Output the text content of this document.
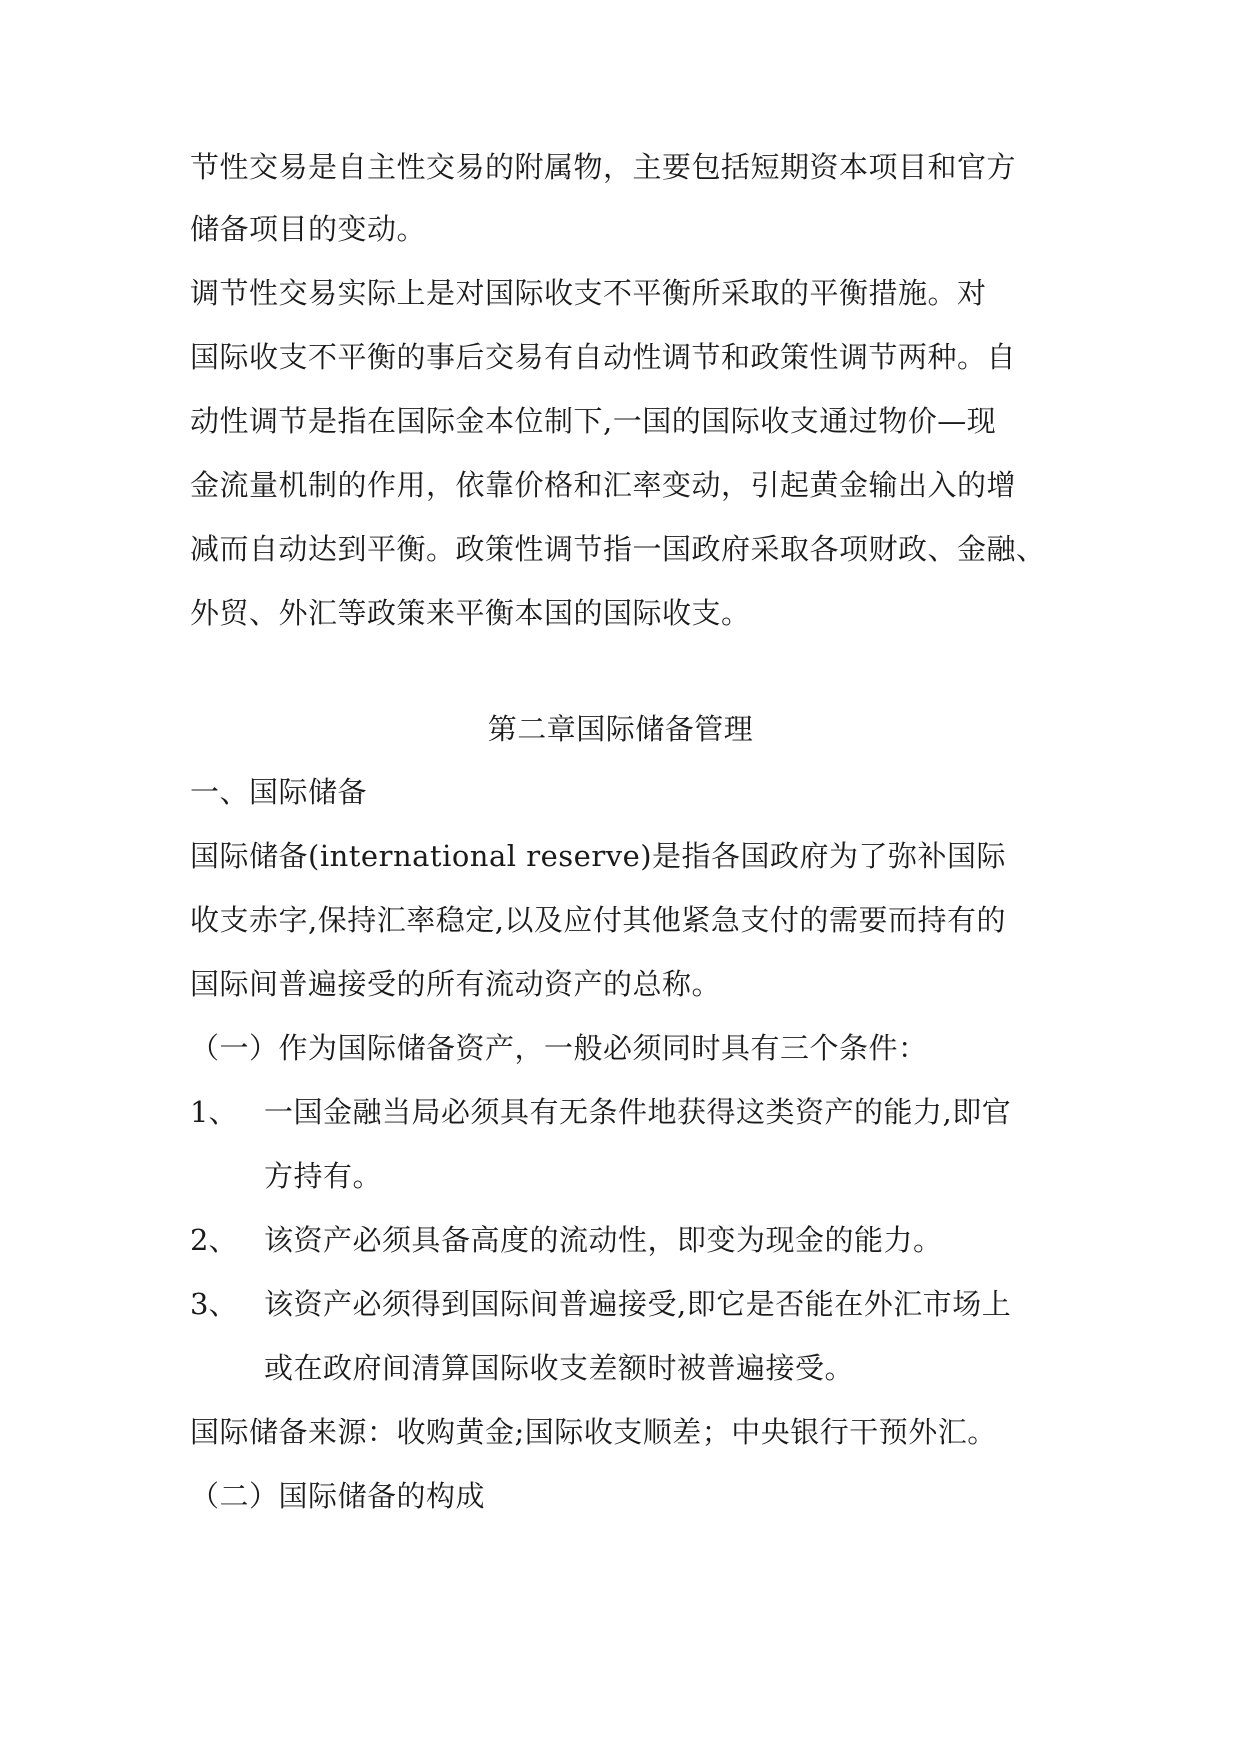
节性交易是自主性交易的附属物，主要包括短期资本项目和官方
储备项目的变动。
调节性交易实际上是对国际收支不平衡所采取的平衡措施。对
国际收支不平衡的事后交易有自动性调节和政策性调节两种。自
动性调节是指在国际金本位制下,一国的国际收支通过物价—现
金流量机制的作用，依靠价格和汇率变动，引起黄金输出入的增
减而自动达到平衡。政策性调节指一国政府采取各项财政、金融、
外贸、外汇等政策来平衡本国的国际收支。
第二章国际储备管理
一、国际储备
国际储备(international reserve)是指各国政府为了弥补国际
收支赤字,保持汇率稳定,以及应付其他紧急支付的需要而持有的
国际间普遍接受的所有流动资产的总称。
（一）作为国际储备资产，一般必须同时具有三个条件：
1、 一国金融当局必须具有无条件地获得这类资产的能力,即官
方持有。
2、 该资产必须具备高度的流动性，即变为现金的能力。
3、 该资产必须得到国际间普遍接受,即它是否能在外汇市场上
或在政府间清算国际收支差额时被普遍接受。
国际储备来源：收购黄金;国际收支顺差；中央银行干预外汇。
（二）国际储备的构成
